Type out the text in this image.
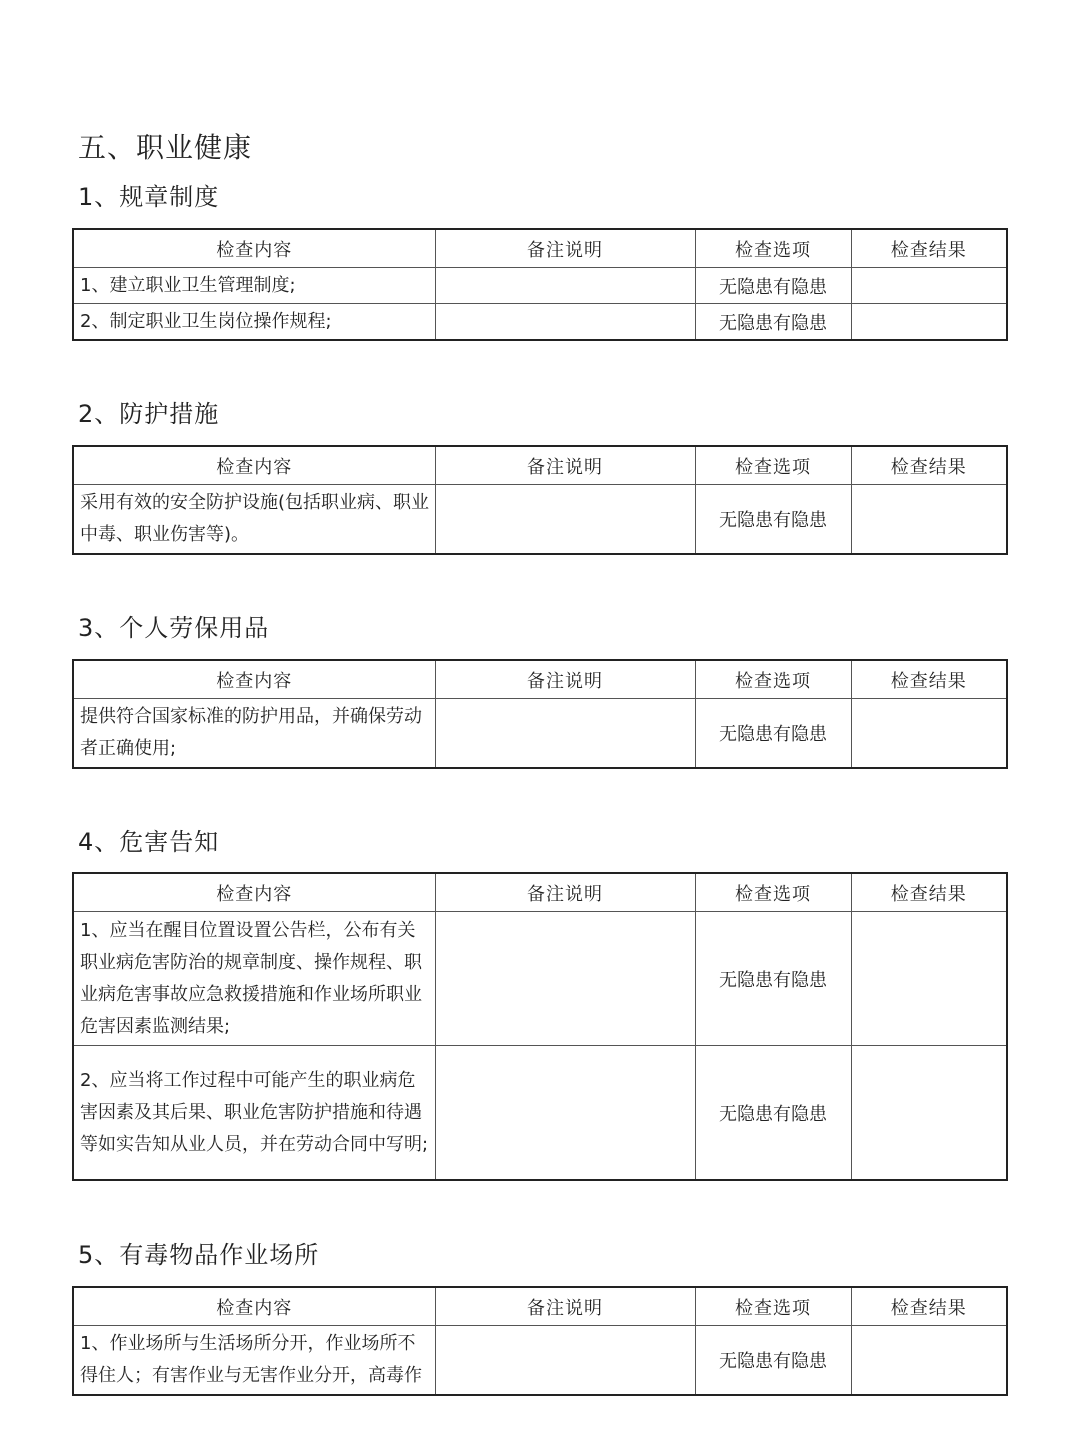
五、职业健康
1、规章制度
检查内容	备注说明	检查选项	检查结果
1、建立职业卫生管理制度;		无隐患有隐患	
2、制定职业卫生岗位操作规程;		无隐患有隐患	
2、防护措施
检查内容	备注说明	检查选项	检查结果
采用有效的安全防护设施(包括职业病、职业中毒、职业伤害等)。		无隐患有隐患	
3、个人劳保用品
检查内容	备注说明	检查选项	检查结果
提供符合国家标准的防护用品，并确保劳动者正确使用;		无隐患有隐患	
4、危害告知
检查内容	备注说明	检查选项	检查结果
1、应当在醒目位置设置公告栏，公布有关职业病危害防治的规章制度、操作规程、职业病危害事故应急救援措施和作业场所职业危害因素监测结果;		无隐患有隐患	
2、应当将工作过程中可能产生的职业病危害因素及其后果、职业危害防护措施和待遇等如实告知从业人员，并在劳动合同中写明;		无隐患有隐患	
5、有毒物品作业场所
检查内容	备注说明	检查选项	检查结果
1、作业场所与生活场所分开，作业场所不得住人；有害作业与无害作业分开，高毒作		无隐患有隐患	
